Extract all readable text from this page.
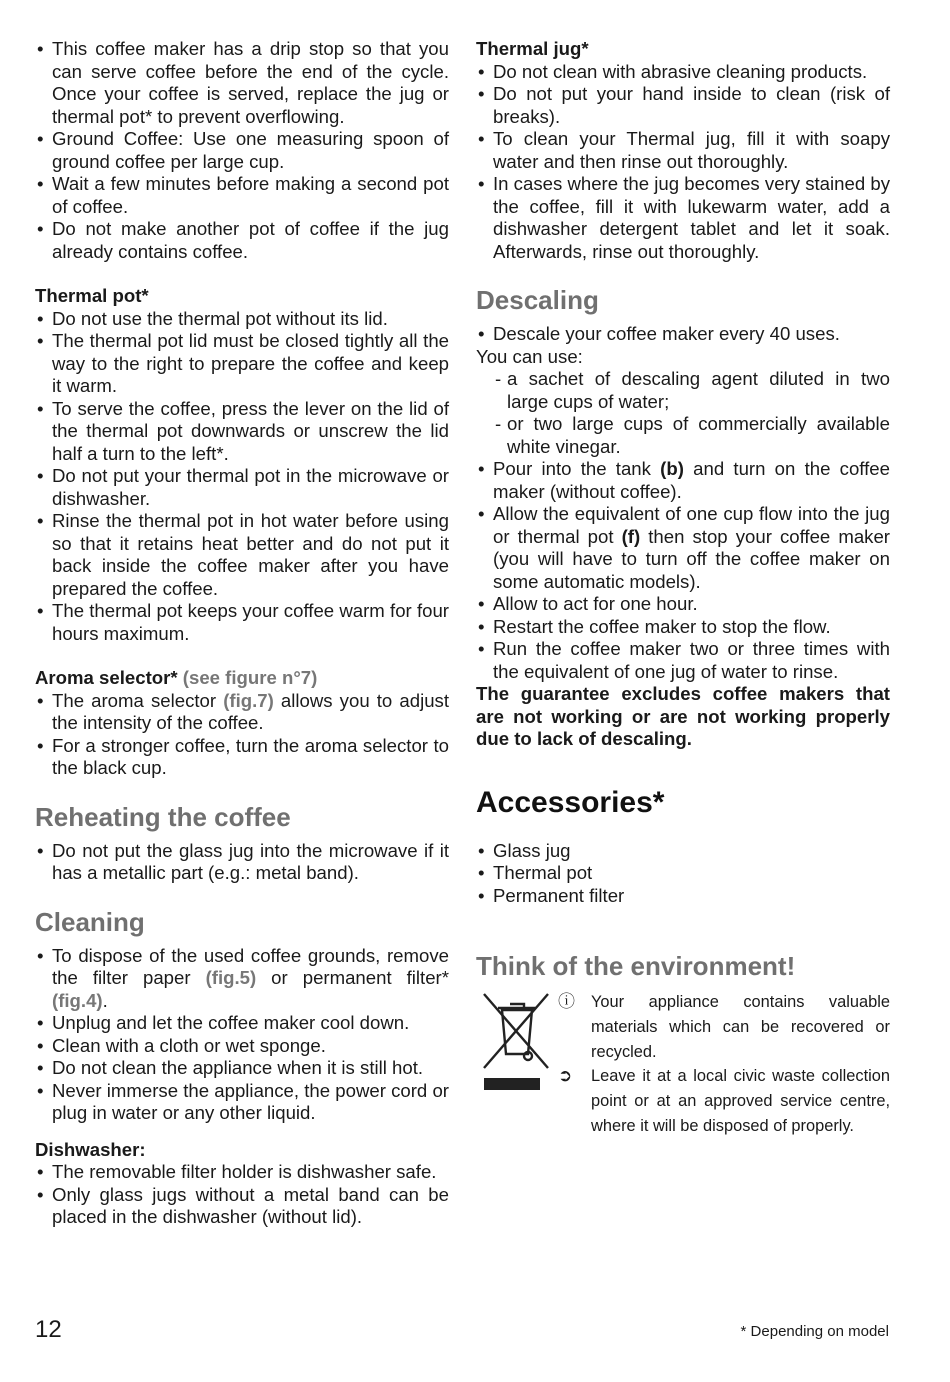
• This coffee maker has a drip stop so that you can serve coffee before the end of the cycle. Once your coffee is served, replace the jug or thermal pot* to prevent overflowing.
• Ground Coffee: Use one measuring spoon of ground coffee per large cup.
• Wait a few minutes before making a second pot of coffee.
• Do not make another pot of coffee if the jug already contains coffee.
Thermal pot*
• Do not use the thermal pot without its lid.
• The thermal pot lid must be closed tightly all the way to the right to prepare the coffee and keep it warm.
• To serve the coffee, press the lever on the lid of the thermal pot downwards or unscrew the lid half a turn to the left*.
• Do not put your thermal pot in the microwave or dishwasher.
• Rinse the thermal pot in hot water before using so that it retains heat better and do not put it back inside the coffee maker after you have prepared the coffee.
• The thermal pot keeps your coffee warm for four hours maximum.
Aroma selector* (see figure n°7)
• The aroma selector (fig.7) allows you to adjust the intensity of the coffee.
• For a stronger coffee, turn the aroma selector to the black cup.
Reheating the coffee
• Do not put the glass jug into the microwave if it has a metallic part (e.g.: metal band).
Cleaning
• To dispose of the used coffee grounds, remove the filter paper (fig.5) or permanent filter* (fig.4).
• Unplug and let the coffee maker cool down.
• Clean with a cloth or wet sponge.
• Do not clean the appliance when it is still hot.
• Never immerse the appliance, the power cord or plug in water or any other liquid.
Dishwasher:
• The removable filter holder is dishwasher safe.
• Only glass jugs without a metal band can be placed in the dishwasher (without lid).
Thermal jug*
• Do not clean with abrasive cleaning products.
• Do not put your hand inside to clean (risk of breaks).
• To clean your Thermal jug, fill it with soapy water and then rinse out thoroughly.
• In cases where the jug becomes very stained by the coffee, fill it with lukewarm water, add a dishwasher detergent tablet and let it soak. Afterwards, rinse out thoroughly.
Descaling
• Descale your coffee maker every 40 uses.
You can use:
- a sachet of descaling agent diluted in two large cups of water;
- or two large cups of commercially available white vinegar.
• Pour into the tank (b) and turn on the coffee maker (without coffee).
• Allow the equivalent of one cup flow into the jug or thermal pot (f) then stop your coffee maker (you will have to turn off the coffee maker on some automatic models).
• Allow to act for one hour.
• Restart the coffee maker to stop the flow.
• Run the coffee maker two or three times with the equivalent of one jug of water to rinse.
The guarantee excludes coffee makers that are not working or are not working properly due to lack of descaling.
Accessories*
• Glass jug
• Thermal pot
• Permanent filter
Think of the environment!
ⓘ Your appliance contains valuable materials which can be recovered or recycled.
➲ Leave it at a local civic waste collection point or at an approved service centre, where it will be disposed of properly.
12	* Depending on model
